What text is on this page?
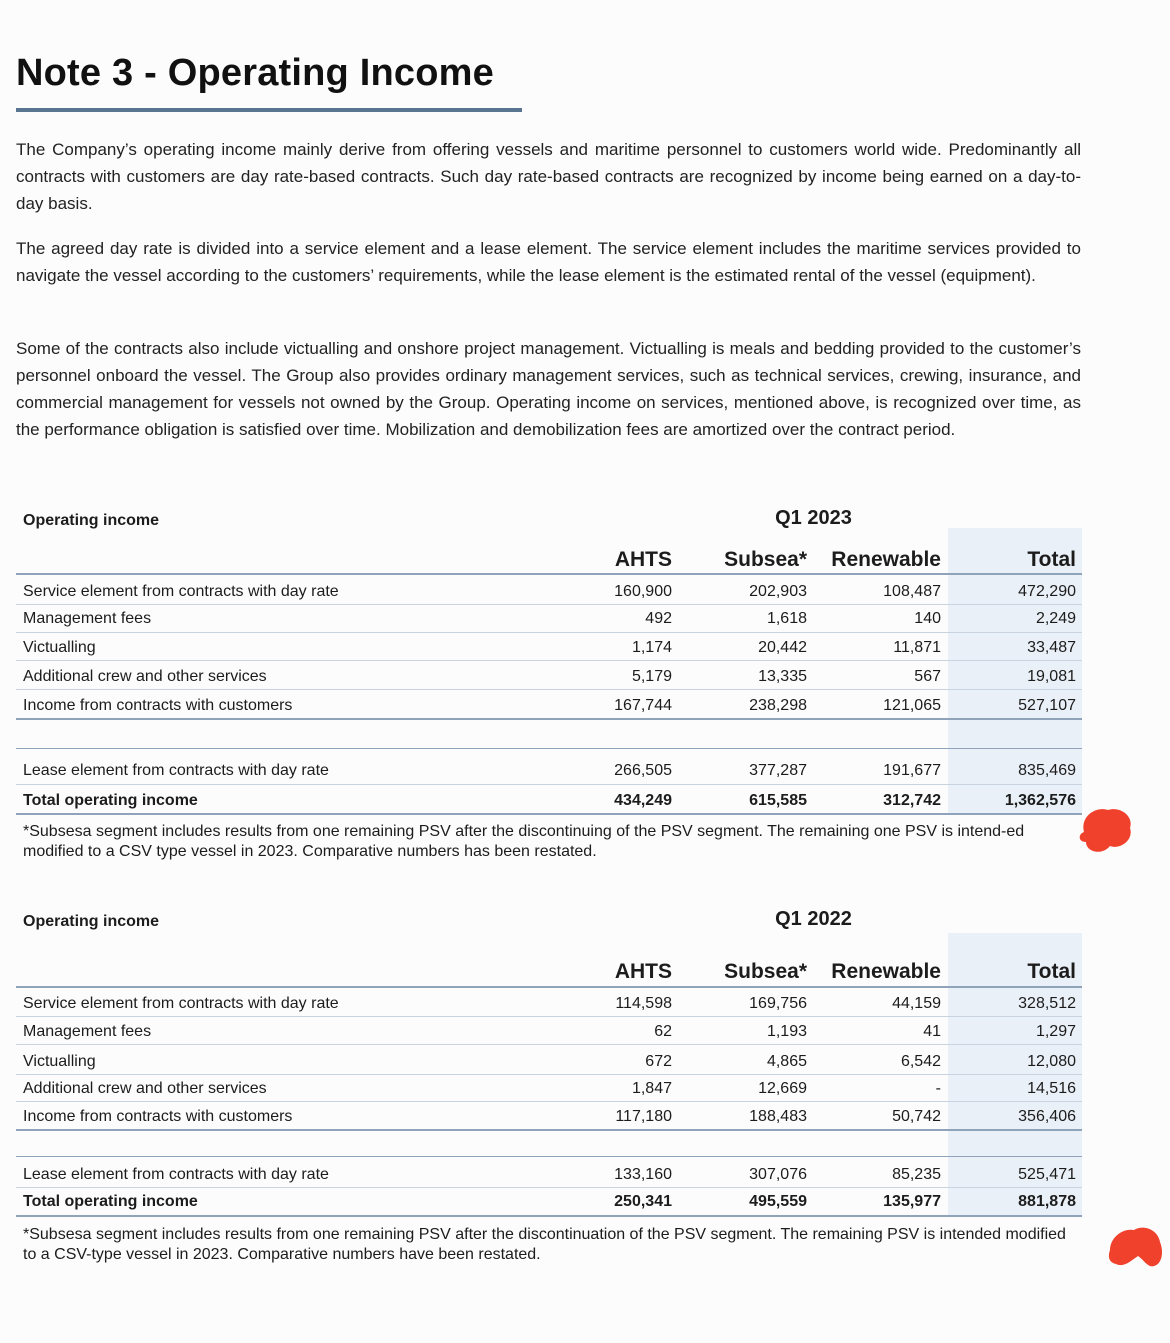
Note 3 - Operating Income

The Company’s operating income mainly derive from offering vessels and maritime personnel to customers world wide. Predominantly all contracts with customers are day rate-based contracts. Such day rate-based contracts are recognized by income being earned on a day-to-day basis.

The agreed day rate is divided into a service element and a lease element. The service element includes the maritime services provided to navigate the vessel according to the customers’ requirements, while the lease element is the estimated rental of the vessel (equipment).

Some of the contracts also include victualling and onshore project management. Victualling is meals and bedding provided to the customer’s personnel onboard the vessel. The Group also provides ordinary management services, such as technical services, crewing, insurance, and commercial management for vessels not owned by the Group. Operating income on services, mentioned above, is recognized over time, as the performance obligation is satisfied over time. Mobilization and demobilization fees are amortized over the contract period.

Operating income	Q1 2023
AHTS Subsea* Renewable	Total
Service element from contracts with day rate	160,900	202,903	108,487	472,290
Management fees	492	1,618	140	2,249
Victualling	1,174	20,442	11,871	33,487
Additional crew and other services	5,179	13,335	567	19,081
Income from contracts with customers	167,744	238,298	121,065	527,107
Lease element from contracts with day rate	266,505	377,287	191,677	835,469
Total operating income	434,249	615,585	312,742	1,362,576

*Subsesa segment includes results from one remaining PSV after the discontinuing of the PSV segment. The remaining one PSV is intend-ed modified to a CSV type vessel in 2023. Comparative numbers has been restated.

Operating income	Q1 2022
AHTS Subsea* Renewable	Total
Service element from contracts with day rate	114,598	169,756	44,159	328,512
Management fees	62	1,193	41	1,297
Victualling	672	4,865	6,542	12,080
Additional crew and other services	1,847	12,669	-	14,516
Income from contracts with customers	117,180	188,483	50,742	356,406
Lease element from contracts with day rate	133,160	307,076	85,235	525,471
Total operating income	250,341	495,559	135,977	881,878

*Subsesa segment includes results from one remaining PSV after the discontinuation of the PSV segment. The remaining PSV is intended modified to a CSV-type vessel in 2023. Comparative numbers have been restated.
